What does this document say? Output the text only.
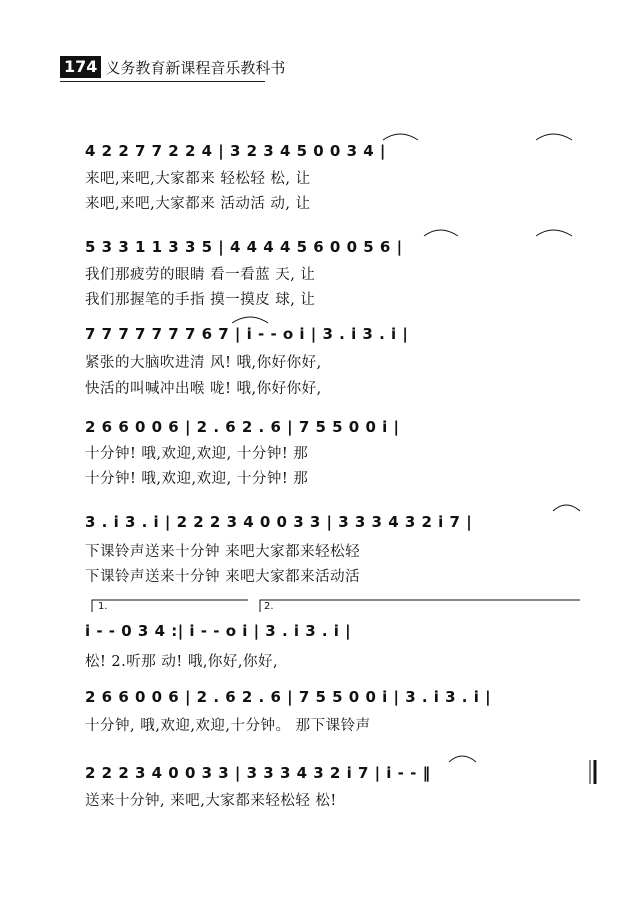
174 义务教育新课程音乐教科书
4 2 2 7 7 2 2 4 | 3 2 3 4 5 0 0 3 4 |
来吧,来吧,大家都来 轻松轻 松, 让
来吧,来吧,大家都来 活动活 动, 让
5 3 3 1 1 3 3 5 | 4 4 4 4 5 6 0 0 5 6 |
我们那疲劳的眼睛 看一看蓝 天, 让
我们那握笔的手指 摸一摸皮 球, 让
7 7 7 7 7 7 7 6 7 | i - - o i | 3 . i 3 . i |
紧张的大脑吹进清 风! 哦,你好你好,
快活的叫喊冲出喉 咙! 哦,你好你好,
2 6 6 0 0 6 | 2 . 6 2 . 6 | 7 5 5 0 0 i |
十分钟! 哦,欢迎,欢迎, 十分钟! 那
十分钟! 哦,欢迎,欢迎, 十分钟! 那
3 . i 3 . i | 2 2 2 3 4 0 0 3 3 | 3 3 3 4 3 2 i 7 |
下课铃声送来十分钟 来吧大家都来轻松轻
下课铃声送来十分钟 来吧大家都来活动活
1.	2.
i - - 0 3 4 :| i - - o i | 3 . i 3 . i |
松! 2.听那 动! 哦,你好,你好,
2 6 6 0 0 6 | 2 . 6 2 . 6 | 7 5 5 0 0 i | 3 . i 3 . i |
十分钟, 哦,欢迎,欢迎,十分钟。 那下课铃声
2 2 2 3 4 0 0 3 3 | 3 3 3 4 3 2 i 7 | i - - ‖
送来十分钟, 来吧,大家都来轻松轻 松!
